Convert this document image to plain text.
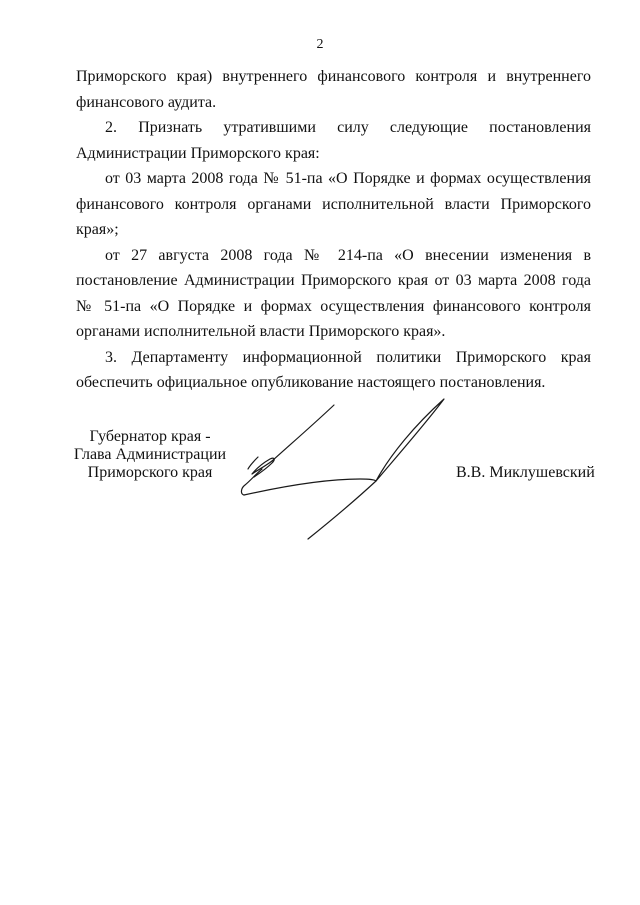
2

Приморского края) внутреннего финансового контроля и внутреннего финансового аудита.

2. Признать утратившими силу следующие постановления Администрации Приморского края:

от 03 марта 2008 года № 51-па «О Порядке и формах осуществления финансового контроля органами исполнительной власти Приморского края»;

от 27 августа 2008 года № 214-па «О внесении изменения в постановление Администрации Приморского края от 03 марта 2008 года № 51-па «О Порядке и формах осуществления финансового контроля органами исполнительной власти Приморского края».

3. Департаменту информационной политики Приморского края обеспечить официальное опубликование настоящего постановления.

Губернатор края -
Глава Администрации
Приморского края	В.В. Миклушевский
